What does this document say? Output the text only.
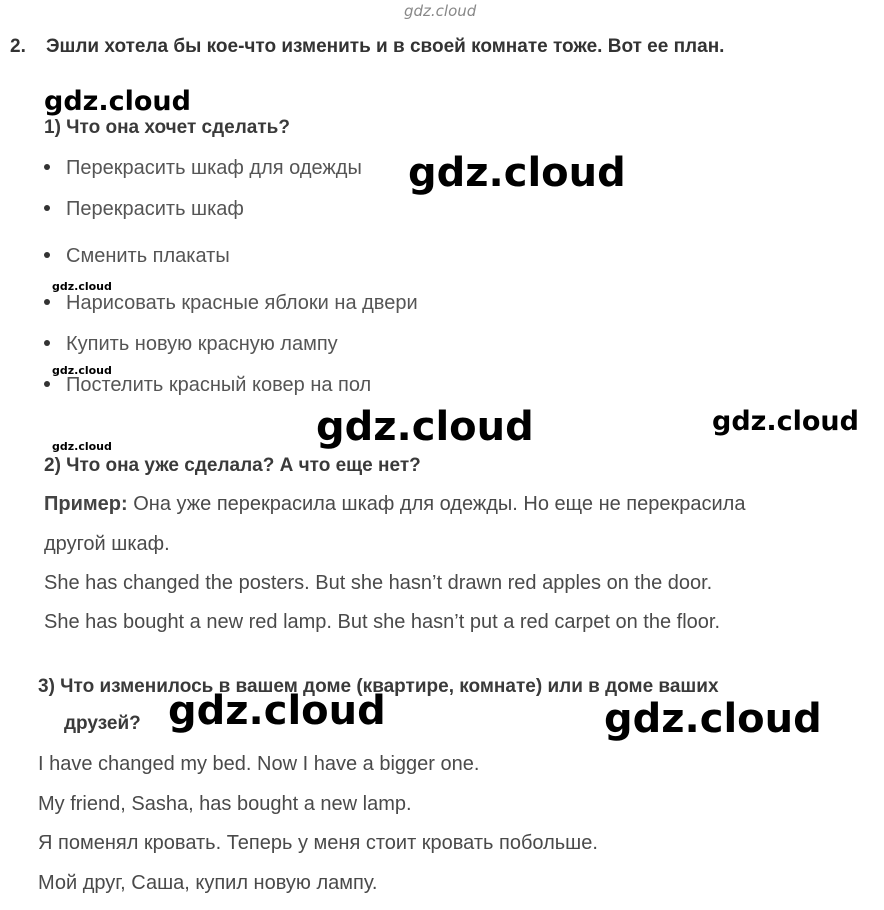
gdz.cloud
2. Эшли хотела бы кое-что изменить и в своей комнате тоже. Вот ее план.
gdz.cloud
gdz.cloud
1) Что она хочет сделать?
Перекрасить шкаф для одежды
Перекрасить шкаф
Сменить плакаты
Нарисовать красные яблоки на двери
Купить новую красную лампу
Постелить красный ковер на пол
gdz.cloud
gdz.cloud
gdz.cloud	gdz.cloud	gdz.cloud
2) Что она уже сделала? А что еще нет?
Пример: Она уже перекрасила шкаф для одежды. Но еще не перекрасила
другой шкаф.
She has changed the posters. But she hasn’t drawn red apples on the door.
She has bought a new red lamp. But she hasn’t put a red carpet on the floor.
3) Что изменилось в вашем доме (квартире, комнате) или в доме ваших
друзей? gdz.cloud	gdz.cloud
I have changed my bed. Now I have a bigger one.
My friend, Sasha, has bought a new lamp.
Я поменял кровать. Теперь у меня стоит кровать побольше.
Мой друг, Саша, купил новую лампу.
